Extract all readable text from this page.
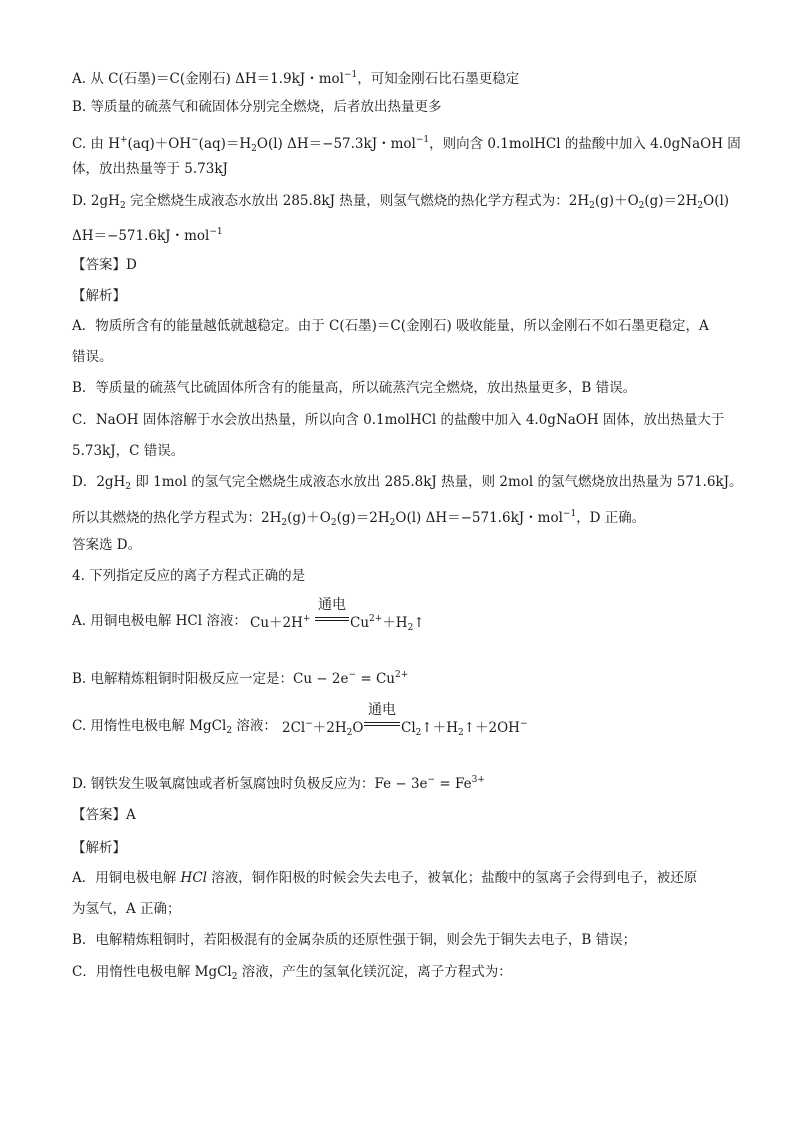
A. 从 C(石墨)＝C(金刚石) ΔH＝1.9kJ・mol$^{-1}$，可知金刚石比石墨更稳定
B. 等质量的硫蒸气和硫固体分别完全燃烧，后者放出热量更多
C. 由 $H^+(aq)+OH^-(aq)=H_2O(l)$ ΔH＝−57.3kJ・mol$^{-1}$，则向含 0.1molHCl 的盐酸中加入 4.0gNaOH 固
体，放出热量等于 5.73kJ
D. $2gH_2$ 完全燃烧生成液态水放出 285.8kJ 热量，则氢气燃烧的热化学方程式为：$2H_2(g)+O_2(g)=2H_2O(l)$
ΔH＝−571.6kJ・mol$^{-1}$
【答案】D
【解析】
A．物质所含有的能量越低就越稳定。由于 C(石墨)＝C(金刚石) 吸收能量，所以金刚石不如石墨更稳定，A
错误。
B．等质量的硫蒸气比硫固体所含有的能量高，所以硫蒸汽完全燃烧，放出热量更多，B 错误。
C．NaOH 固体溶解于水会放出热量，所以向含 0.1molHCl 的盐酸中加入 4.0gNaOH 固体，放出热量大于
5.73kJ，C 错误。
D．$2gH_2$ 即 1mol 的氢气完全燃烧生成液态水放出 285.8kJ 热量，则 2mol 的氢气燃烧放出热量为 571.6kJ。
所以其燃烧的热化学方程式为：$2H_2(g)+O_2(g)=2H_2O(l)$ ΔH＝−571.6kJ・mol$^{-1}$，D 正确。
答案选 D。
4. 下列指定反应的离子方程式正确的是
A. 用铜电极电解 HCl 溶液： Cu＋2H+
通电
$Cu^{2+}+H_2↑$
B. 电解精炼粗铜时阳极反应一定是：$Cu - 2e^- = Cu^{2+}$
C. 用惰性电极电解 MgCl$_2$ 溶液： $2Cl^-+2H_2O$
通电
$Cl_2↑+H_2↑+2OH^-$
D. 钢铁发生吸氧腐蚀或者析氢腐蚀时负极反应为：$Fe - 3e^- = Fe^{3+}$
【答案】A
【解析】
A．用铜电极电解 HCl 溶液，铜作阳极的时候会失去电子，被氧化；盐酸中的氢离子会得到电子，被还原
为氢气，A 正确；
B．电解精炼粗铜时，若阳极混有的金属杂质的还原性强于铜，则会先于铜失去电子，B 错误；
C．用惰性电极电解 MgCl$_2$ 溶液，产生的氢氧化镁沉淀，离子方程式为：
